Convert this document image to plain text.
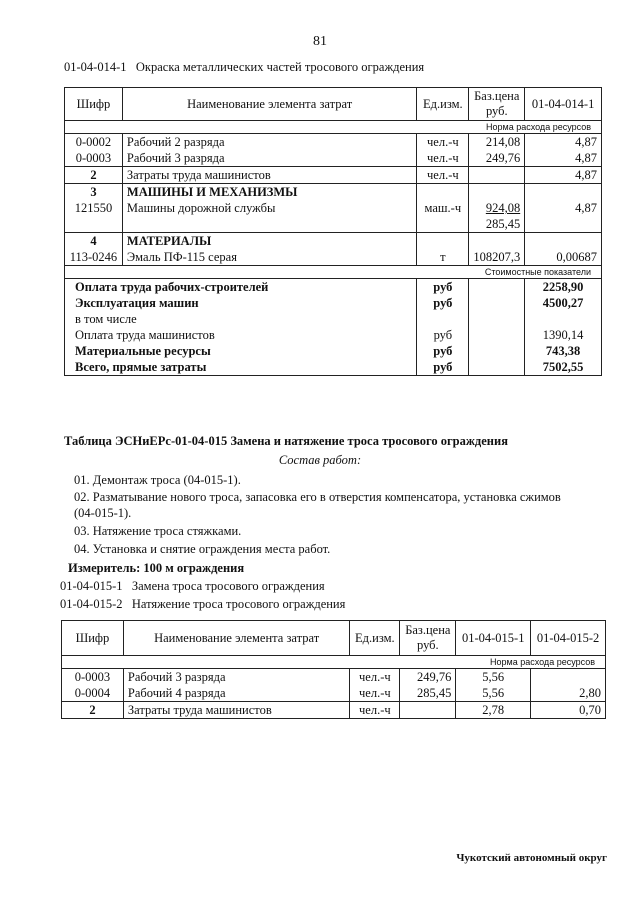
81
01-04-014-1 Окраска металлических частей тросового ограждения
Шифр	Наименование элемента затрат	Ед.изм.	Баз.цена руб.	01-04-014-1
Норма расхода ресурсов				
0-0002	Рабочий 2 разряда	чел.-ч	214,08	4,87
0-0003	Рабочий 3 разряда	чел.-ч	249,76	4,87
2	Затраты труда машинистов	чел.-ч		4,87
3	МАШИНЫ И МЕХАНИЗМЫ			
121550	Машины дорожной службы	маш.-ч	924,08	4,87
			285,45	
4	МАТЕРИАЛЫ			
113-0246	Эмаль ПФ-115 серая	т	108207,3	0,00687
Стоимостные показатели				
Оплата труда рабочих-строителей		руб		2258,90
Эксплуатация машин		руб		4500,27
в том числе				
Оплата труда машинистов		руб		1390,14
Материальные ресурсы		руб		743,38
Всего, прямые затраты		руб		7502,55
Таблица ЭСНиЕРс-01-04-015 Замена и натяжение троса тросового ограждения
Состав работ:
01. Демонтаж троса (04-015-1).
02. Разматывание нового троса, запасовка его в отверстия компенсатора, установка сжимов
(04-015-1).
03. Натяжение троса стяжками.
04. Установка и снятие ограждения места работ.
Измеритель: 100 м ограждения
01-04-015-1 Замена троса тросового ограждения
01-04-015-2 Натяжение троса тросового ограждения
Шифр	Наименование элемента затрат	Ед.изм.	Баз.цена руб.	01-04-015-1	01-04-015-2
Норма расхода ресурсов					
0-0003	Рабочий 3 разряда	чел.-ч	249,76	5,56	
0-0004	Рабочий 4 разряда	чел.-ч	285,45	5,56	2,80
2	Затраты труда машинистов	чел.-ч		2,78	0,70
Чукотский автономный округ
